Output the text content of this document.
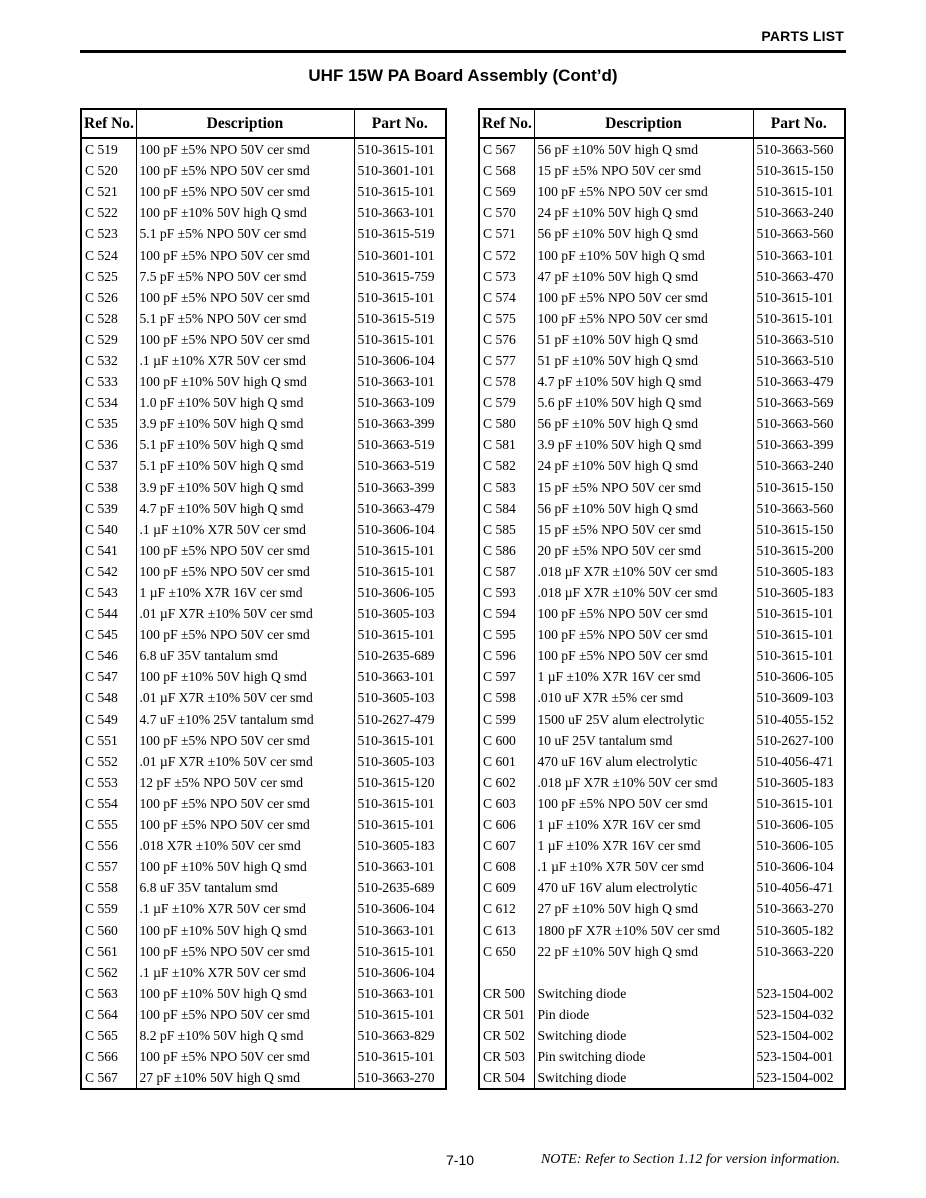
PARTS LIST
UHF 15W PA Board Assembly (Cont’d)
Ref No.	Description	Part No.
C 519	100 pF ±5% NPO 50V cer smd	510-3615-101
C 520	100 pF ±5% NPO 50V cer smd	510-3601-101
C 521	100 pF ±5% NPO 50V cer smd	510-3615-101
C 522	100 pF ±10% 50V high Q smd	510-3663-101
C 523	5.1 pF ±5% NPO 50V cer smd	510-3615-519
C 524	100 pF ±5% NPO 50V cer smd	510-3601-101
C 525	7.5 pF ±5% NPO 50V cer smd	510-3615-759
C 526	100 pF ±5% NPO 50V cer smd	510-3615-101
C 528	5.1 pF ±5% NPO 50V cer smd	510-3615-519
C 529	100 pF ±5% NPO 50V cer smd	510-3615-101
C 532	.1 µF ±10% X7R 50V cer smd	510-3606-104
C 533	100 pF ±10% 50V high Q smd	510-3663-101
C 534	1.0 pF ±10% 50V high Q smd	510-3663-109
C 535	3.9 pF ±10% 50V high Q smd	510-3663-399
C 536	5.1 pF ±10% 50V high Q smd	510-3663-519
C 537	5.1 pF ±10% 50V high Q smd	510-3663-519
C 538	3.9 pF ±10% 50V high Q smd	510-3663-399
C 539	4.7 pF ±10% 50V high Q smd	510-3663-479
C 540	.1 µF ±10% X7R 50V cer smd	510-3606-104
C 541	100 pF ±5% NPO 50V cer smd	510-3615-101
C 542	100 pF ±5% NPO 50V cer smd	510-3615-101
C 543	1 µF ±10% X7R 16V cer smd	510-3606-105
C 544	.01 µF X7R ±10% 50V cer smd	510-3605-103
C 545	100 pF ±5% NPO 50V cer smd	510-3615-101
C 546	6.8 uF 35V tantalum smd	510-2635-689
C 547	100 pF ±10% 50V high Q smd	510-3663-101
C 548	.01 µF X7R ±10% 50V cer smd	510-3605-103
C 549	4.7 uF ±10% 25V tantalum smd	510-2627-479
C 551	100 pF ±5% NPO 50V cer smd	510-3615-101
C 552	.01 µF X7R ±10% 50V cer smd	510-3605-103
C 553	12 pF ±5% NPO 50V cer smd	510-3615-120
C 554	100 pF ±5% NPO 50V cer smd	510-3615-101
C 555	100 pF ±5% NPO 50V cer smd	510-3615-101
C 556	.018 X7R ±10% 50V cer smd	510-3605-183
C 557	100 pF ±10% 50V high Q smd	510-3663-101
C 558	6.8 uF 35V tantalum smd	510-2635-689
C 559	.1 µF ±10% X7R 50V cer smd	510-3606-104
C 560	100 pF ±10% 50V high Q smd	510-3663-101
C 561	100 pF ±5% NPO 50V cer smd	510-3615-101
C 562	.1 µF ±10% X7R 50V cer smd	510-3606-104
C 563	100 pF ±10% 50V high Q smd	510-3663-101
C 564	100 pF ±5% NPO 50V cer smd	510-3615-101
C 565	8.2 pF ±10% 50V high Q smd	510-3663-829
C 566	100 pF ±5% NPO 50V cer smd	510-3615-101
C 567	27 pF ±10% 50V high Q smd	510-3663-270
Ref No.	Description	Part No.
C 567	56 pF ±10% 50V high Q smd	510-3663-560
C 568	15 pF ±5% NPO 50V cer smd	510-3615-150
C 569	100 pF ±5% NPO 50V cer smd	510-3615-101
C 570	24 pF ±10% 50V high Q smd	510-3663-240
C 571	56 pF ±10% 50V high Q smd	510-3663-560
C 572	100 pF ±10% 50V high Q smd	510-3663-101
C 573	47 pF ±10% 50V high Q smd	510-3663-470
C 574	100 pF ±5% NPO 50V cer smd	510-3615-101
C 575	100 pF ±5% NPO 50V cer smd	510-3615-101
C 576	51 pF ±10% 50V high Q smd	510-3663-510
C 577	51 pF ±10% 50V high Q smd	510-3663-510
C 578	4.7 pF ±10% 50V high Q smd	510-3663-479
C 579	5.6 pF ±10% 50V high Q smd	510-3663-569
C 580	56 pF ±10% 50V high Q smd	510-3663-560
C 581	3.9 pF ±10% 50V high Q smd	510-3663-399
C 582	24 pF ±10% 50V high Q smd	510-3663-240
C 583	15 pF ±5% NPO 50V cer smd	510-3615-150
C 584	56 pF ±10% 50V high Q smd	510-3663-560
C 585	15 pF ±5% NPO 50V cer smd	510-3615-150
C 586	20 pF ±5% NPO 50V cer smd	510-3615-200
C 587	.018 µF X7R ±10% 50V cer smd	510-3605-183
C 593	.018 µF X7R ±10% 50V cer smd	510-3605-183
C 594	100 pF ±5% NPO 50V cer smd	510-3615-101
C 595	100 pF ±5% NPO 50V cer smd	510-3615-101
C 596	100 pF ±5% NPO 50V cer smd	510-3615-101
C 597	1 µF ±10% X7R 16V cer smd	510-3606-105
C 598	.010 uF X7R ±5% cer smd	510-3609-103
C 599	1500 uF 25V alum electrolytic	510-4055-152
C 600	10 uF 25V tantalum smd	510-2627-100
C 601	470 uF 16V alum electrolytic	510-4056-471
C 602	.018 µF X7R ±10% 50V cer smd	510-3605-183
C 603	100 pF ±5% NPO 50V cer smd	510-3615-101
C 606	1 µF ±10% X7R 16V cer smd	510-3606-105
C 607	1 µF ±10% X7R 16V cer smd	510-3606-105
C 608	.1 µF ±10% X7R 50V cer smd	510-3606-104
C 609	470 uF 16V alum electrolytic	510-4056-471
C 612	27 pF ±10% 50V high Q smd	510-3663-270
C 613	1800 pF X7R ±10% 50V cer smd	510-3605-182
C 650	22 pF ±10% 50V high Q smd	510-3663-220

CR 500	Switching diode	523-1504-002
CR 501	Pin diode	523-1504-032
CR 502	Switching diode	523-1504-002
CR 503	Pin switching diode	523-1504-001
CR 504	Switching diode	523-1504-002
7-10	NOTE: Refer to Section 1.12 for version information.
